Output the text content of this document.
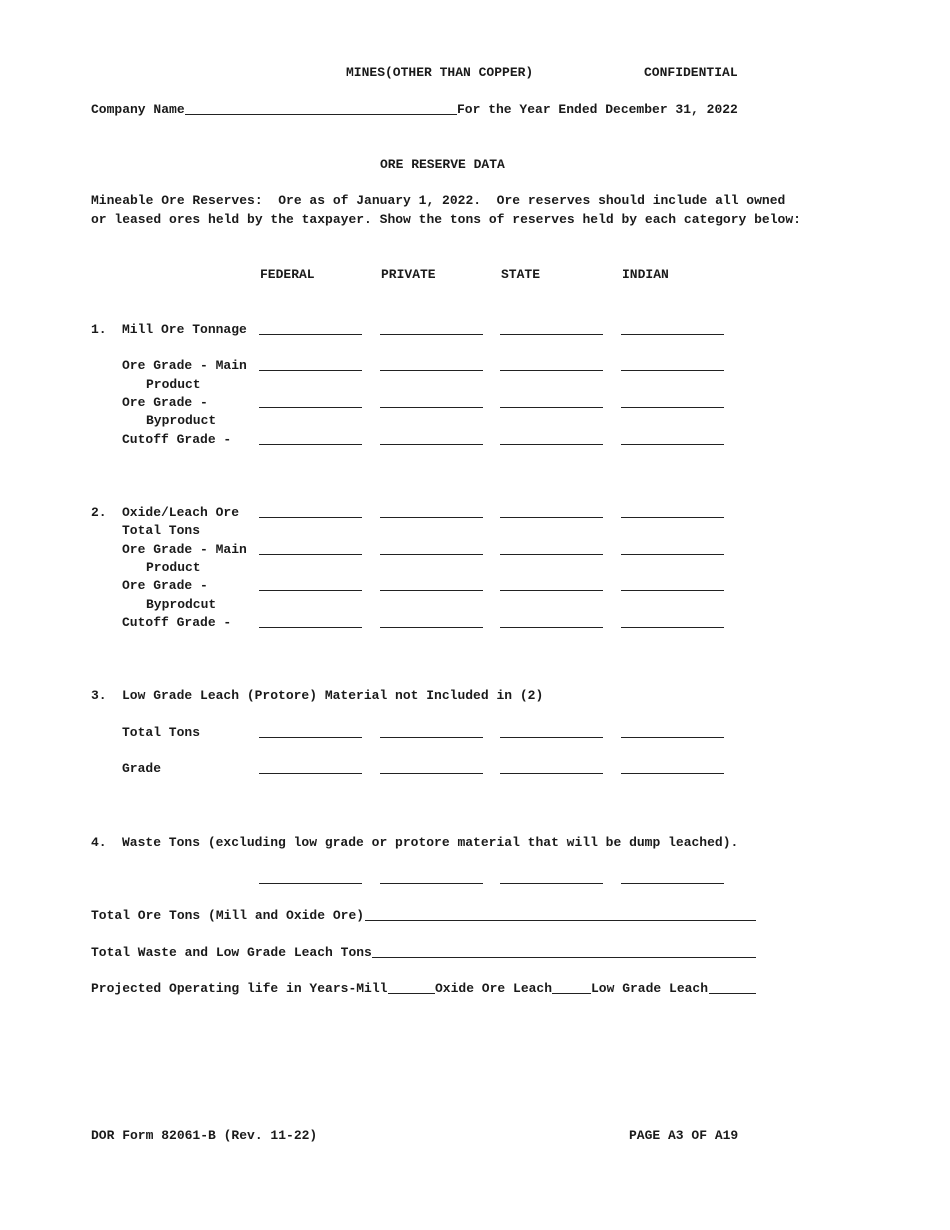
MINES(OTHER THAN COPPER)	CONFIDENTIAL
Company Name	For the Year Ended December 31, 2022
ORE RESERVE DATA
Mineable Ore Reserves:  Ore as of January 1, 2022.  Ore reserves should include all owned
or leased ores held by the taxpayer. Show the tons of reserves held by each category below:
FEDERAL	PRIVATE	STATE	INDIAN
1. Mill Ore Tonnage
Ore Grade - Main
Product
Ore Grade -
Byproduct
Cutoff Grade -
2. Oxide/Leach Ore
Total Tons
Ore Grade - Main
Product
Ore Grade -
Byprodcut
Cutoff Grade -
3. Low Grade Leach (Protore) Material not Included in (2)
Total Tons
Grade
4. Waste Tons (excluding low grade or protore material that will be dump leached).
Total Ore Tons (Mill and Oxide Ore)
Total Waste and Low Grade Leach Tons
Projected Operating life in Years-Mill	Oxide Ore Leach	Low Grade Leach
DOR Form 82061-B (Rev. 11-22)	PAGE A3 OF A19
